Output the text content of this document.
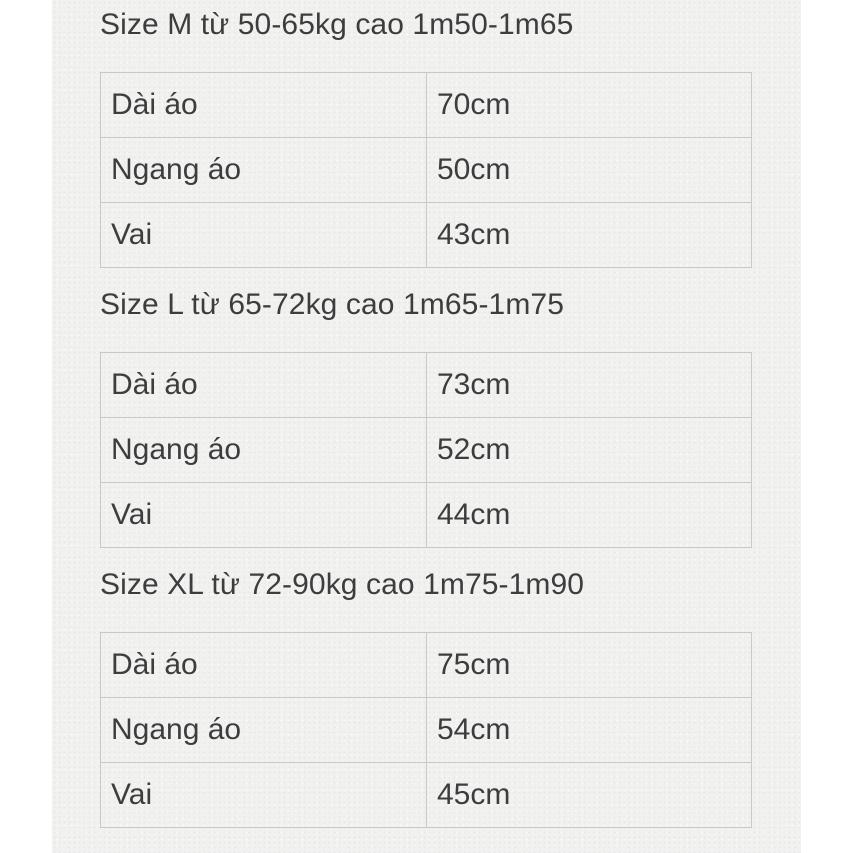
Size M từ 50-65kg cao 1m50-1m65
Dài áo	70cm
Ngang áo	50cm
Vai	43cm
Size L từ 65-72kg cao 1m65-1m75
Dài áo	73cm
Ngang áo	52cm
Vai	44cm
Size XL từ 72-90kg cao 1m75-1m90
Dài áo	75cm
Ngang áo	54cm
Vai	45cm
